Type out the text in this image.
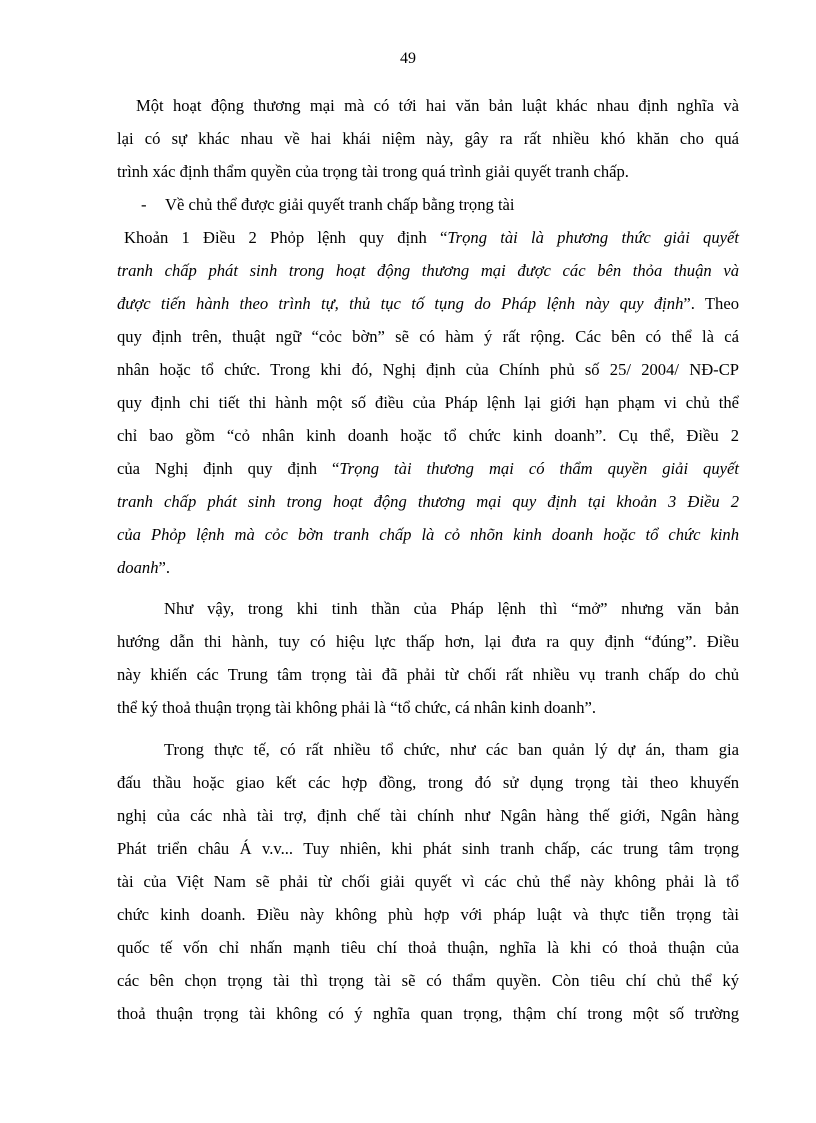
49
Một hoạt động thương mại mà có tới hai văn bản luật khác nhau định nghĩa và
lại có sự khác nhau về hai khái niệm này, gây ra rất nhiều khó khăn cho quá
trình xác định thẩm quyền của trọng tài trong quá trình giải quyết tranh chấp.
- Về chủ thể được giải quyết tranh chấp bằng trọng tài
Khoản 1 Điều 2 Phỏp lệnh quy định “Trọng tài là phương thức giải quyết
tranh chấp phát sinh trong hoạt động thương mại được các bên thỏa thuận và
được tiến hành theo trình tự, thủ tục tố tụng do Pháp lệnh này quy định”. Theo
quy định trên, thuật ngữ “cỏc bờn” sẽ có hàm ý rất rộng. Các bên có thể là cá
nhân hoặc tổ chức. Trong khi đó, Nghị định của Chính phủ số 25/ 2004/ NĐ-CP
quy định chi tiết thi hành một số điều của Pháp lệnh lại giới hạn phạm vi chủ thể
chỉ bao gồm “cỏ nhân kinh doanh hoặc tổ chức kinh doanh”. Cụ thể, Điều 2
của Nghị định quy định “Trọng tài thương mại có thẩm quyền giải quyết
tranh chấp phát sinh trong hoạt động thương mại quy định tại khoản 3 Điều 2
của Phỏp lệnh mà cỏc bờn tranh chấp là cỏ nhõn kinh doanh hoặc tổ chức kinh
doanh”.
Như vậy, trong khi tinh thần của Pháp lệnh thì “mở” nhưng văn bản
hướng dẫn thi hành, tuy có hiệu lực thấp hơn, lại đưa ra quy định “đúng”. Điều
này khiến các Trung tâm trọng tài đã phải từ chối rất nhiều vụ tranh chấp do chủ
thể ký thoả thuận trọng tài không phải là “tổ chức, cá nhân kinh doanh”.
Trong thực tế, có rất nhiều tổ chức, như các ban quản lý dự án, tham gia
đấu thầu hoặc giao kết các hợp đồng, trong đó sử dụng trọng tài theo khuyến
nghị của các nhà tài trợ, định chế tài chính như Ngân hàng thế giới, Ngân hàng
Phát triển châu Á v.v... Tuy nhiên, khi phát sinh tranh chấp, các trung tâm trọng
tài của Việt Nam sẽ phải từ chối giải quyết vì các chủ thể này không phải là tổ
chức kinh doanh. Điều này không phù hợp với pháp luật và thực tiễn trọng tài
quốc tế vốn chỉ nhấn mạnh tiêu chí thoả thuận, nghĩa là khi có thoả thuận của
các bên chọn trọng tài thì trọng tài sẽ có thẩm quyền. Còn tiêu chí chủ thể ký
thoả thuận trọng tài không có ý nghĩa quan trọng, thậm chí trong một số trường
